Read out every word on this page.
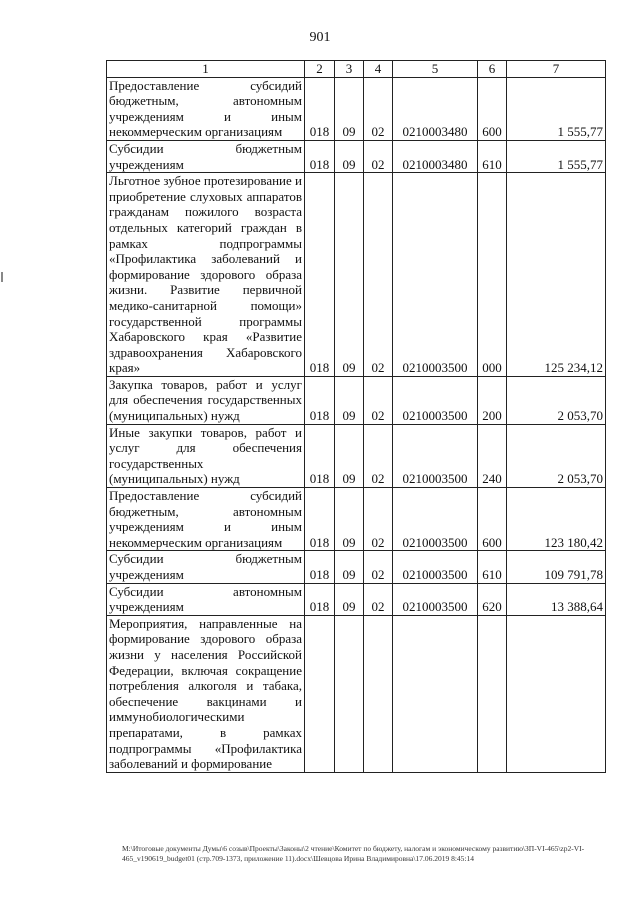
901
1	2	3	4	5	6	7
Предоставление субсидий бюджетным, автономным учреждениям и иным некоммерческим организациям	018	09	02	0210003480	600	1 555,77
Субсидии бюджетным учреждениям	018	09	02	0210003480	610	1 555,77
Льготное зубное протезирование и приобретение слуховых аппаратов гражданам пожилого возраста отдельных категорий граждан в рамках подпрограммы «Профилактика заболеваний и формирование здорового образа жизни. Развитие первичной медико-санитарной помощи» государственной программы Хабаровского края «Развитие здравоохранения Хабаровского края»	018	09	02	0210003500	000	125 234,12
Закупка товаров, работ и услуг для обеспечения государственных (муниципальных) нужд	018	09	02	0210003500	200	2 053,70
Иные закупки товаров, работ и услуг для обеспечения государственных (муниципальных) нужд	018	09	02	0210003500	240	2 053,70
Предоставление субсидий бюджетным, автономным учреждениям и иным некоммерческим организациям	018	09	02	0210003500	600	123 180,42
Субсидии бюджетным учреждениям	018	09	02	0210003500	610	109 791,78
Субсидии автономным учреждениям	018	09	02	0210003500	620	13 388,64
Мероприятия, направленные на формирование здорового образа жизни у населения Российской Федерации, включая сокращение потребления алкоголя и табака, обеспечение вакцинами и иммунобиологическими препаратами, в рамках подпрограммы «Профилактика заболеваний и формирование						
М:\Итоговые документы Думы\6 созыв\Проекты\Законы\2 чтение\Комитет по бюджету, налогам и экономическому развитию\ЗП-VI-465\zp2-VI-465_v190619_budget01 (стр.709-1373, приложение 11).docx\Шевцова Ирина Владимировна\17.06.2019 8:45:14
